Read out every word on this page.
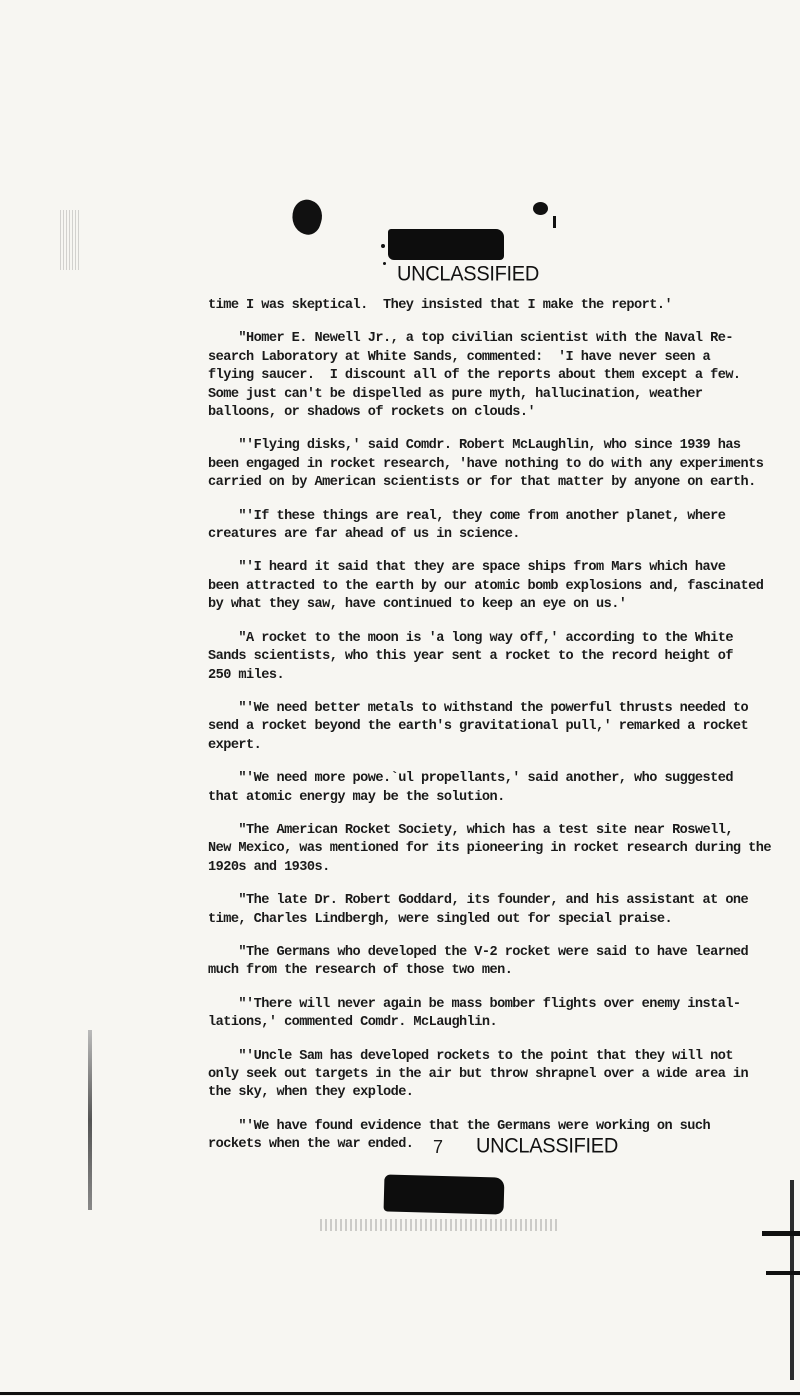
UNCLASSIFIED
time I was skeptical.  They insisted that I make the report.'
"Homer E. Newell Jr., a top civilian scientist with the Naval Re-
search Laboratory at White Sands, commented:  'I have never seen a
flying saucer.  I discount all of the reports about them except a few.
Some just can't be dispelled as pure myth, hallucination, weather
balloons, or shadows of rockets on clouds.'
"'Flying disks,' said Comdr. Robert McLaughlin, who since 1939 has
been engaged in rocket research, 'have nothing to do with any experiments
carried on by American scientists or for that matter by anyone on earth.
"'If these things are real, they come from another planet, where
creatures are far ahead of us in science.
"'I heard it said that they are space ships from Mars which have
been attracted to the earth by our atomic bomb explosions and, fascinated
by what they saw, have continued to keep an eye on us.'
"A rocket to the moon is 'a long way off,' according to the White
Sands scientists, who this year sent a rocket to the record height of
250 miles.
"'We need better metals to withstand the powerful thrusts needed to
send a rocket beyond the earth's gravitational pull,' remarked a rocket
expert.
"'We need more powe.`ul propellants,' said another, who suggested
that atomic energy may be the solution.
"The American Rocket Society, which has a test site near Roswell,
New Mexico, was mentioned for its pioneering in rocket research during the
1920s and 1930s.
"The late Dr. Robert Goddard, its founder, and his assistant at one
time, Charles Lindbergh, were singled out for special praise.
"The Germans who developed the V-2 rocket were said to have learned
much from the research of those two men.
"'There will never again be mass bomber flights over enemy instal-
lations,' commented Comdr. McLaughlin.
"'Uncle Sam has developed rockets to the point that they will not
only seek out targets in the air but throw shrapnel over a wide area in
the sky, when they explode.
"'We have found evidence that the Germans were working on such
rockets when the war ended.	7 UNCLASSIFIED
